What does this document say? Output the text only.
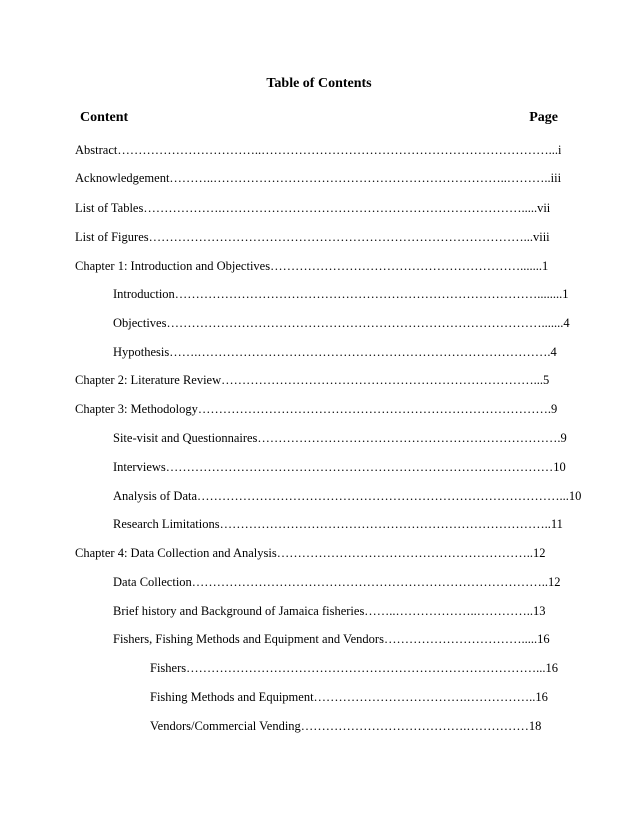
Table of Contents
Content	Page
Abstract……………………………..……………………………………………………………...i
Acknowledgement………..……………………………………………………………..………..iii
List of Tables……………….……………………………………………………………….....vii
List of Figures………………………………………………………………………………...viii
Chapter 1: Introduction and Objectives…………………………………………………….......1
Introduction……………………………………………………………………………........1
Objectives……………………………………………………………………………….......4
Hypothesis…….………………………………………………………………………….4
Chapter 2: Literature Review…………………………………………………………………...5
Chapter 3: Methodology………………………………………………………………………….9
Site-visit and Questionnaires……………………………………………………………….9
Interviews…………………………………………………………………………………10
Analysis of Data……………………………………………………………………………...10
Research Limitations……………………………………………………………………..11
Chapter 4: Data Collection and Analysis……………………………………………………..12
Data Collection…………………………………………………………………………..12
Brief history and Background of Jamaica fisheries……..………………..…………..13
Fishers, Fishing Methods and Equipment and Vendors…………………………….....16
Fishers…………………………………………………………………………...16
Fishing Methods and Equipment……………………………….……………..16
Vendors/Commercial Vending………………………………….……………18
